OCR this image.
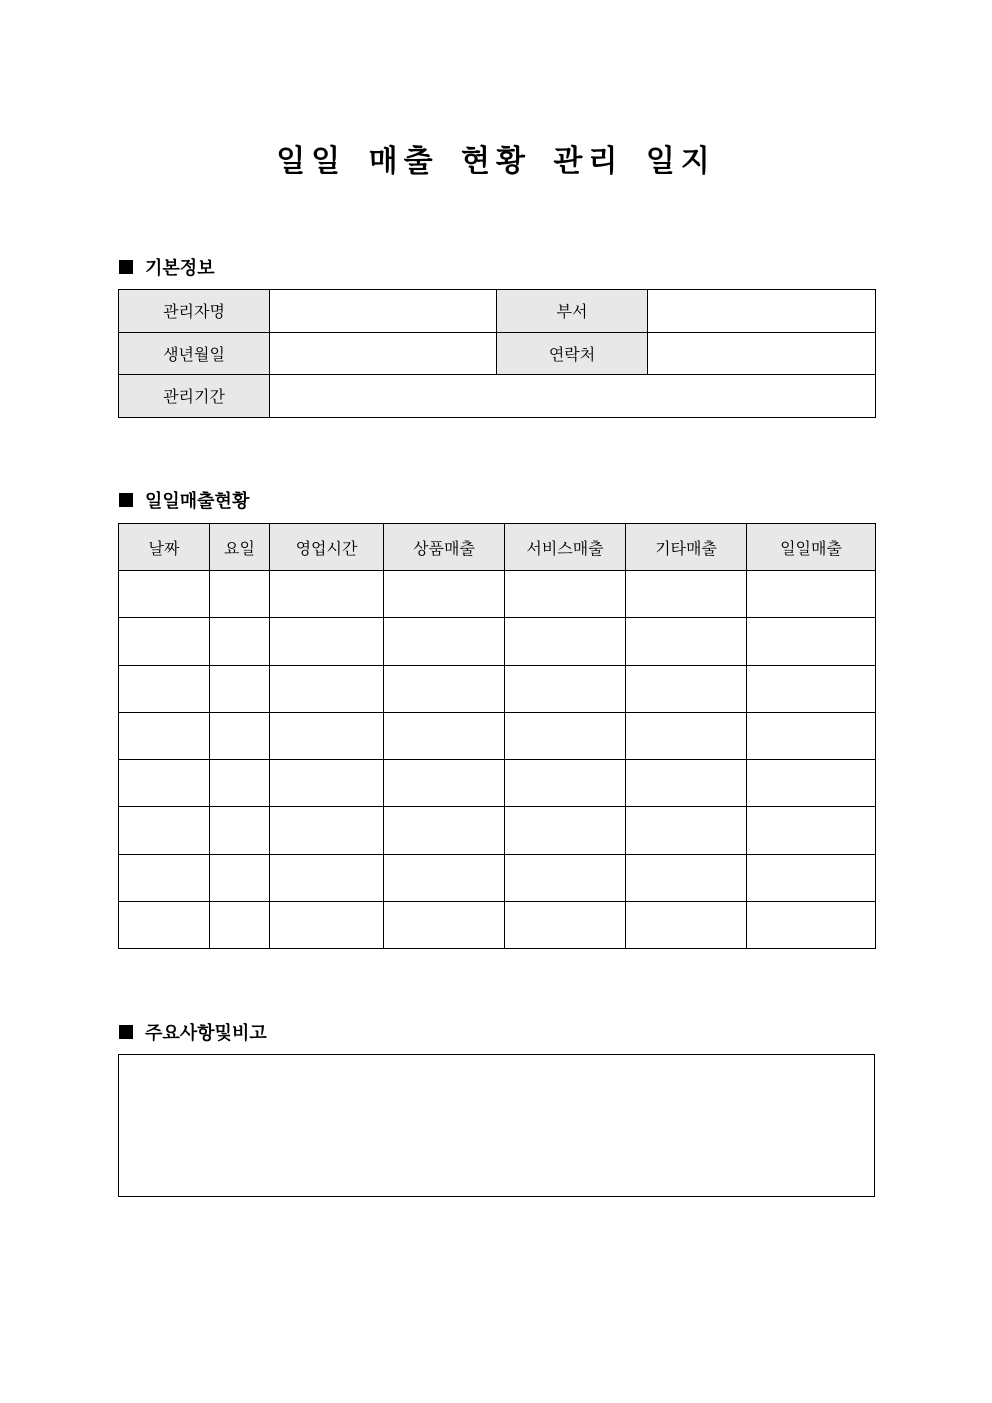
일일 매출 현황 관리 일지
기본정보
관리자명		부서	
생년월일		연락처	
관리기간			
일일매출현황
날짜	요일	영업시간	상품매출	서비스매출	기타매출	일일매출

주요사항및비고
